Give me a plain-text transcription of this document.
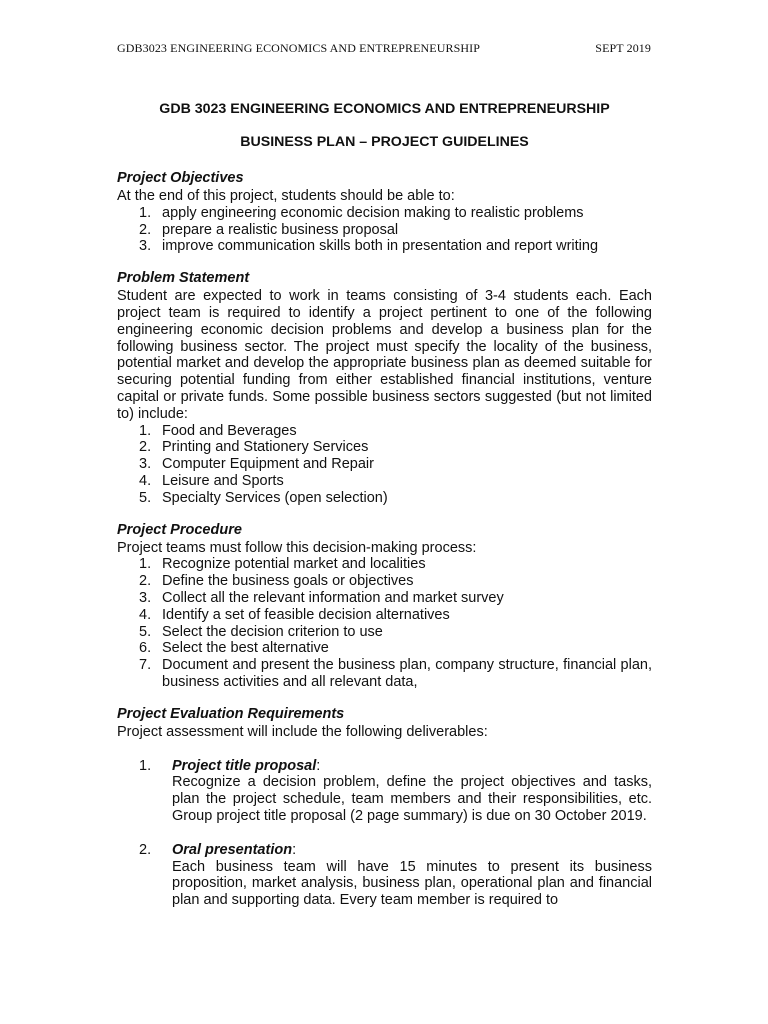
GDB3023 ENGINEERING ECONOMICS AND ENTREPRENEURSHIP	SEPT 2019

GDB 3023 ENGINEERING ECONOMICS AND ENTREPRENEURSHIP

BUSINESS PLAN – PROJECT GUIDELINES

Project Objectives

At the end of this project, students should be able to:

1. apply engineering economic decision making to realistic problems
2. prepare a realistic business proposal
3. improve communication skills both in presentation and report writing
Problem Statement

Student are expected to work in teams consisting of 3-4 students each. Each project team is required to identify a project pertinent to one of the following engineering economic decision problems and develop a business plan for the following business sector. The project must specify the locality of the business, potential market and develop the appropriate business plan as deemed suitable for securing potential funding from either established financial institutions, venture capital or private funds. Some possible business sectors suggested (but not limited to) include:

1. Food and Beverages
2. Printing and Stationery Services
3. Computer Equipment and Repair
4. Leisure and Sports
5. Specialty Services (open selection)
Project Procedure

Project teams must follow this decision-making process:

1. Recognize potential market and localities
2. Define the business goals or objectives
3. Collect all the relevant information and market survey
4. Identify a set of feasible decision alternatives
5. Select the decision criterion to use
6. Select the best alternative
7. Document and present the business plan, company structure, financial plan, business activities and all relevant data,
Project Evaluation Requirements

Project assessment will include the following deliverables:

1. Project title proposal:

Recognize a decision problem, define the project objectives and tasks, plan the project schedule, team members and their responsibilities, etc. Group project title proposal (2 page summary) is due on 30 October 2019.

2. Oral presentation:

Each business team will have 15 minutes to present its business proposition, market analysis, business plan, operational plan and financial plan and supporting data. Every team member is required to
